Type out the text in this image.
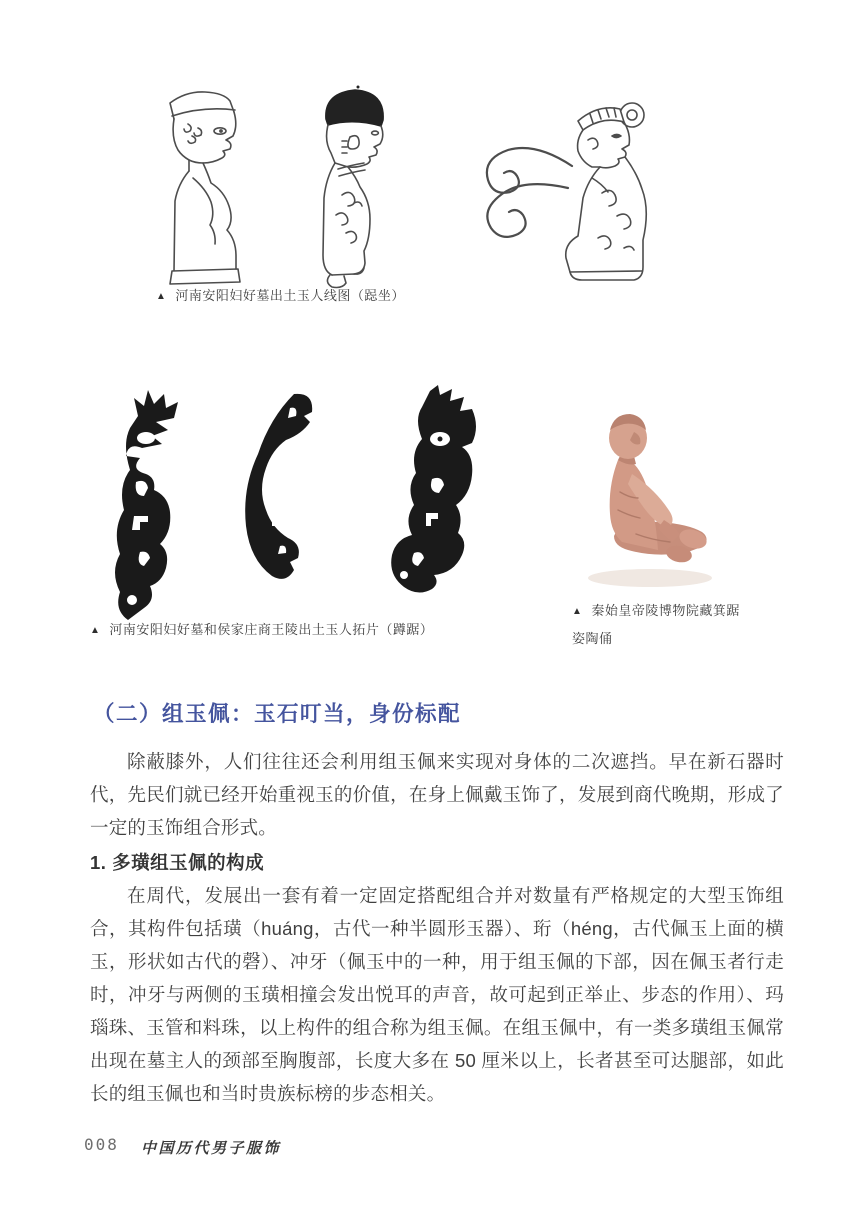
▲ 河南安阳妇好墓出土玉人线图（跽坐）
▲ 河南安阳妇好墓和侯家庄商王陵出土玉人拓片（蹲踞）
▲ 秦始皇帝陵博物院藏箕踞姿陶俑
（二）组玉佩：玉石叮当，身份标配
除蔽膝外，人们往往还会利用组玉佩来实现对身体的二次遮挡。早在新石器时代，先民们就已经开始重视玉的价值，在身上佩戴玉饰了，发展到商代晚期，形成了一定的玉饰组合形式。
1. 多璜组玉佩的构成
在周代，发展出一套有着一定固定搭配组合并对数量有严格规定的大型玉饰组合，其构件包括璜（huáng，古代一种半圆形玉器）、珩（héng，古代佩玉上面的横玉，形状如古代的磬）、冲牙（佩玉中的一种，用于组玉佩的下部，因在佩玉者行走时，冲牙与两侧的玉璜相撞会发出悦耳的声音，故可起到正举止、步态的作用）、玛瑙珠、玉管和料珠，以上构件的组合称为组玉佩。在组玉佩中，有一类多璜组玉佩常出现在墓主人的颈部至胸腹部，长度大多在 50 厘米以上，长者甚至可达腿部，如此长的组玉佩也和当时贵族标榜的步态相关。
008 中国历代男子服饰
